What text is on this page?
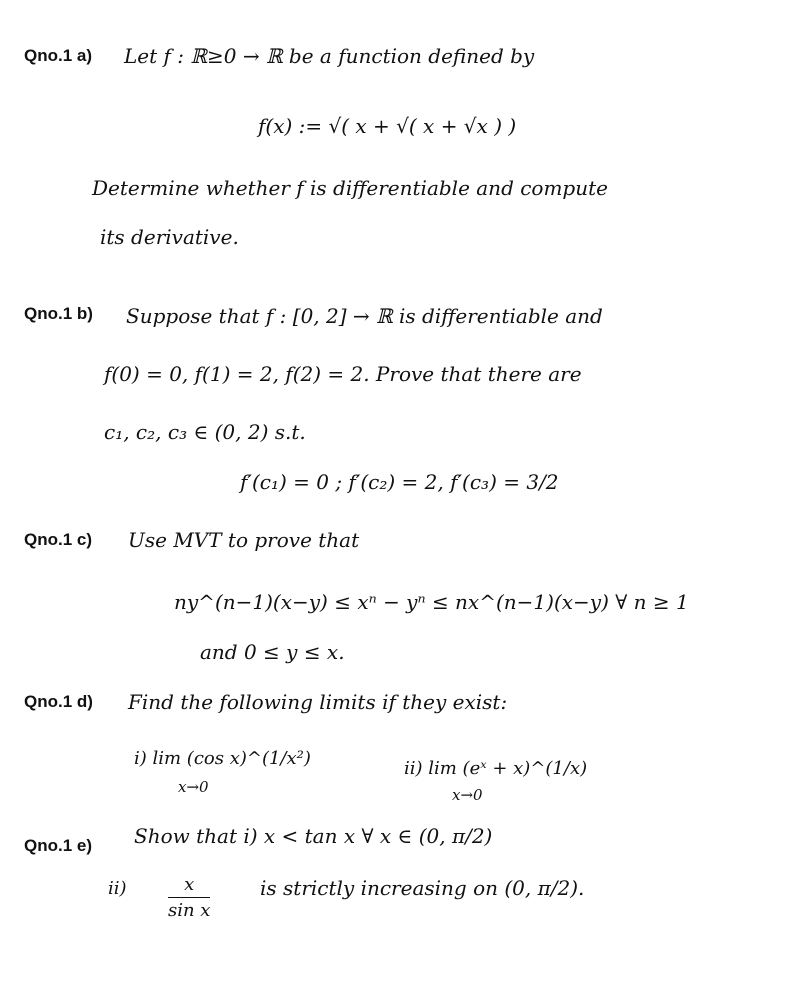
Qno.1 a) Let f : ℝ≥0 → ℝ be a function defined by
f(x) := √( x + √( x + √x ) )
Determine whether f is differentiable and compute
its derivative.
Qno.1 b) Suppose that f : [0, 2] → ℝ is differentiable and
f(0) = 0, f(1) = 2, f(2) = 2. Prove that there are
c₁, c₂, c₃ ∈ (0, 2) s.t.
f′(c₁) = 0 ; f′(c₂) = 2, f′(c₃) = 3/2
Qno.1 c) Use MVT to prove that
ny^(n−1)(x−y) ≤ xⁿ − yⁿ ≤ nx^(n−1)(x−y) ∀ n ≥ 1
and 0 ≤ y ≤ x.
Qno.1 d) Find the following limits if they exist:
i) lim (cos x)^(1/x²)
x→0
ii) lim (eˣ + x)^(1/x)
x→0
Qno.1 e) Show that i) x < tan x ∀ x ∈ (0, π/2)
$ii) \frac{x}{\text{sin x}}$ is strictly increasing on (0, π/2).
